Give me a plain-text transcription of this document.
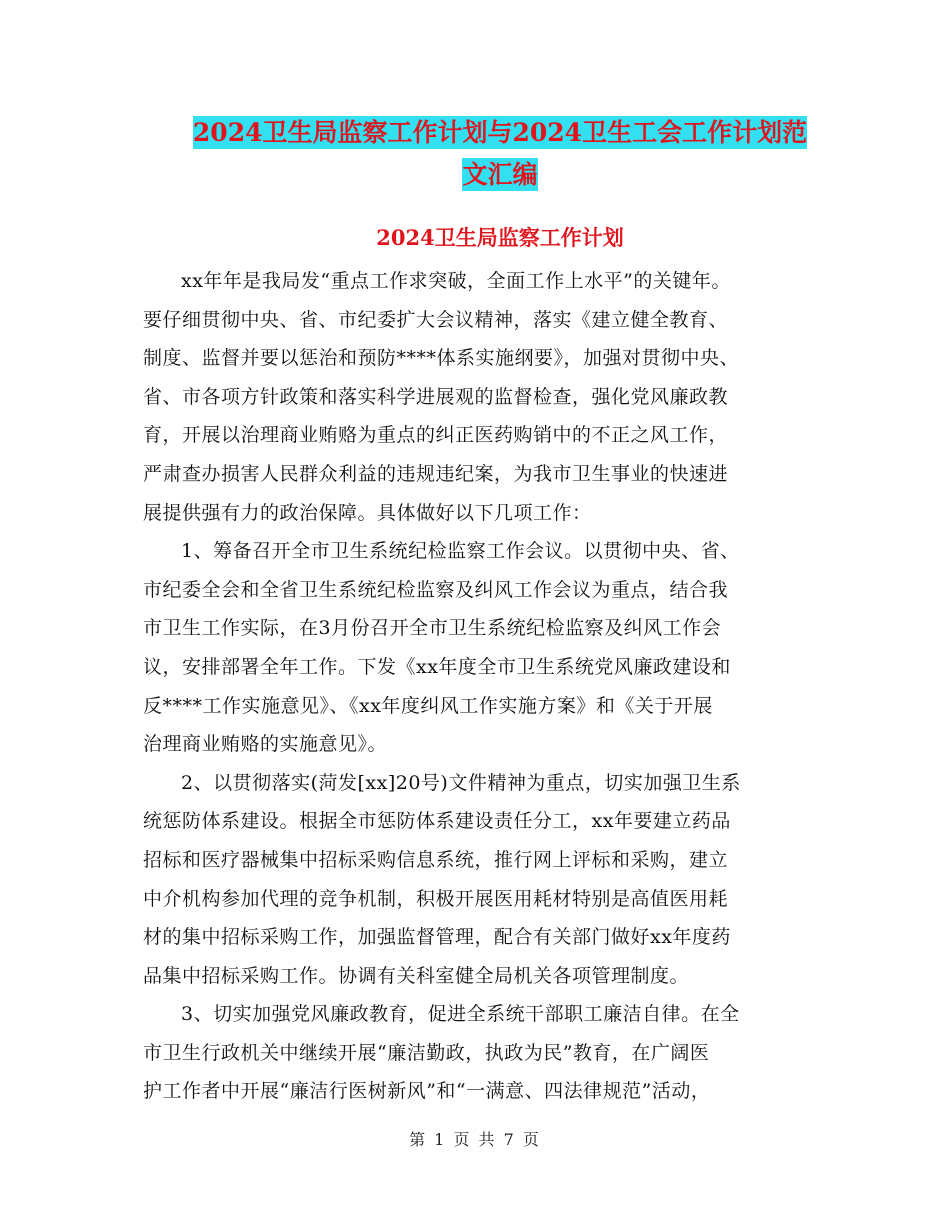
2024卫生局监察工作计划与2024卫生工会工作计划范
文汇编
2024卫生局监察工作计划
xx年年是我局发“重点工作求突破，全面工作上水平”的关键年。
要仔细贯彻中央、省、市纪委扩大会议精神，落实《建立健全教育、
制度、监督并要以惩治和预防****体系实施纲要》，加强对贯彻中央、
省、市各项方针政策和落实科学进展观的监督检查，强化党风廉政教
育，开展以治理商业贿赂为重点的纠正医药购销中的不正之风工作，
严肃查办损害人民群众利益的违规违纪案，为我市卫生事业的快速进
展提供强有力的政治保障。具体做好以下几项工作：
1、筹备召开全市卫生系统纪检监察工作会议。以贯彻中央、省、
市纪委全会和全省卫生系统纪检监察及纠风工作会议为重点，结合我
市卫生工作实际，在3月份召开全市卫生系统纪检监察及纠风工作会
议，安排部署全年工作。下发《xx年度全市卫生系统党风廉政建设和
反****工作实施意见》、《xx年度纠风工作实施方案》和《关于开展
治理商业贿赂的实施意见》。
2、以贯彻落实(菏发[xx]20号)文件精神为重点，切实加强卫生系
统惩防体系建设。根据全市惩防体系建设责任分工，xx年要建立药品
招标和医疗器械集中招标采购信息系统，推行网上评标和采购，建立
中介机构参加代理的竞争机制，积极开展医用耗材特别是高值医用耗
材的集中招标采购工作，加强监督管理，配合有关部门做好xx年度药
品集中招标采购工作。协调有关科室健全局机关各项管理制度。
3、切实加强党风廉政教育，促进全系统干部职工廉洁自律。在全
市卫生行政机关中继续开展“廉洁勤政，执政为民”教育，在广阔医
护工作者中开展“廉洁行医树新风”和“一满意、四法律规范”活动，
第 1 页 共 7 页
